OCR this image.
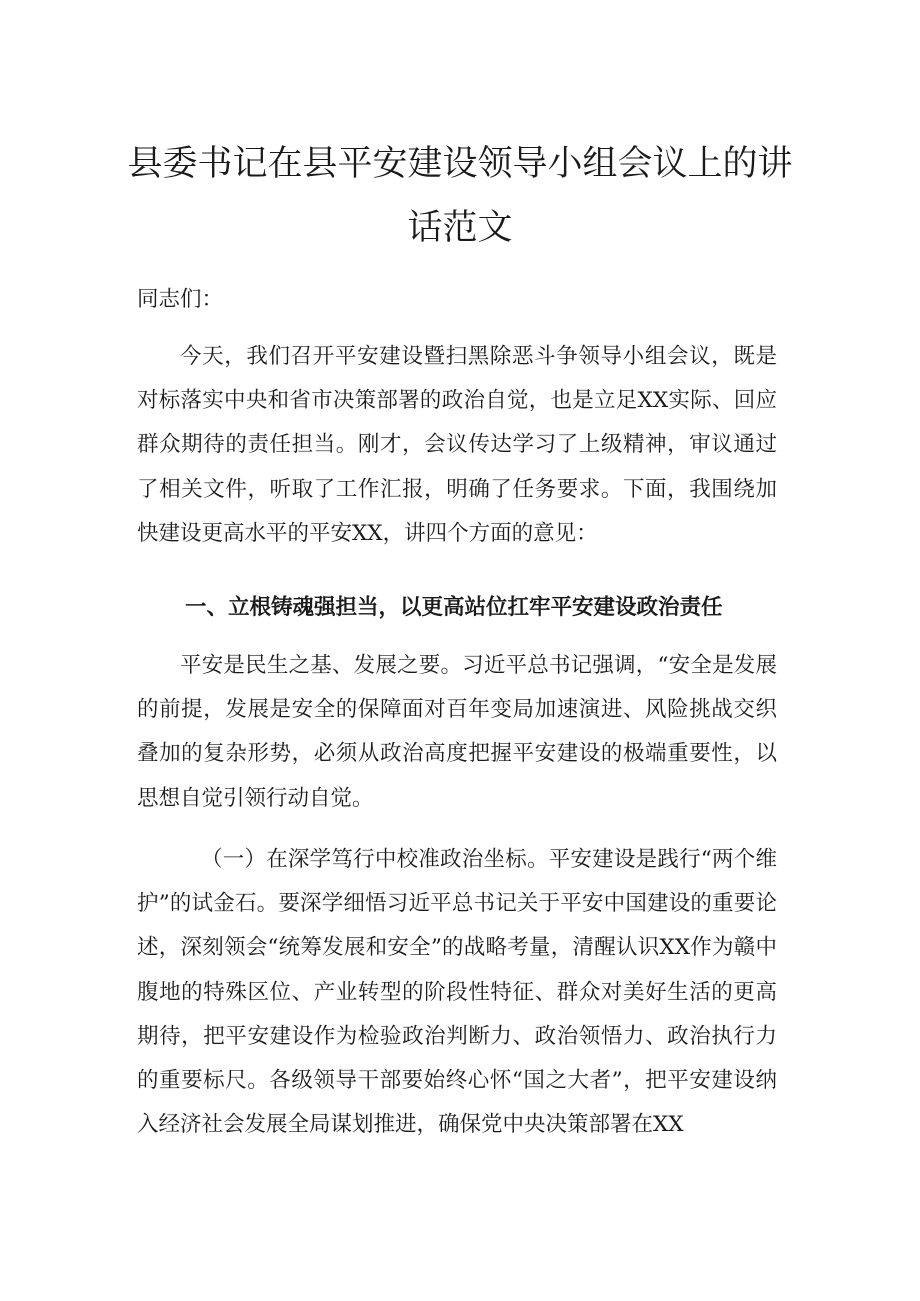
县委书记在县平安建设领导小组会议上的讲
话范文

同志们：

今天，我们召开平安建设暨扫黑除恶斗争领导小组会议，既是对标落实中央和省市决策部署的政治自觉，也是立足XX实际、回应群众期待的责任担当。刚才，会议传达学习了上级精神，审议通过了相关文件，听取了工作汇报，明确了任务要求。下面，我围绕加快建设更高水平的平安XX，讲四个方面的意见：

一、立根铸魂强担当，以更高站位扛牢平安建设政治责任

平安是民生之基、发展之要。习近平总书记强调，“安全是发展的前提，发展是安全的保障面对百年变局加速演进、风险挑战交织叠加的复杂形势，必须从政治高度把握平安建设的极端重要性，以思想自觉引领行动自觉。

（一）在深学笃行中校准政治坐标。平安建设是践行“两个维护”的试金石。要深学细悟习近平总书记关于平安中国建设的重要论述，深刻领会“统筹发展和安全”的战略考量，清醒认识XX作为赣中腹地的特殊区位、产业转型的阶段性特征、群众对美好生活的更高期待，把平安建设作为检验政治判断力、政治领悟力、政治执行力的重要标尺。各级领导干部要始终心怀“国之大者”，把平安建设纳入经济社会发展全局谋划推进，确保党中央决策部署在XX
